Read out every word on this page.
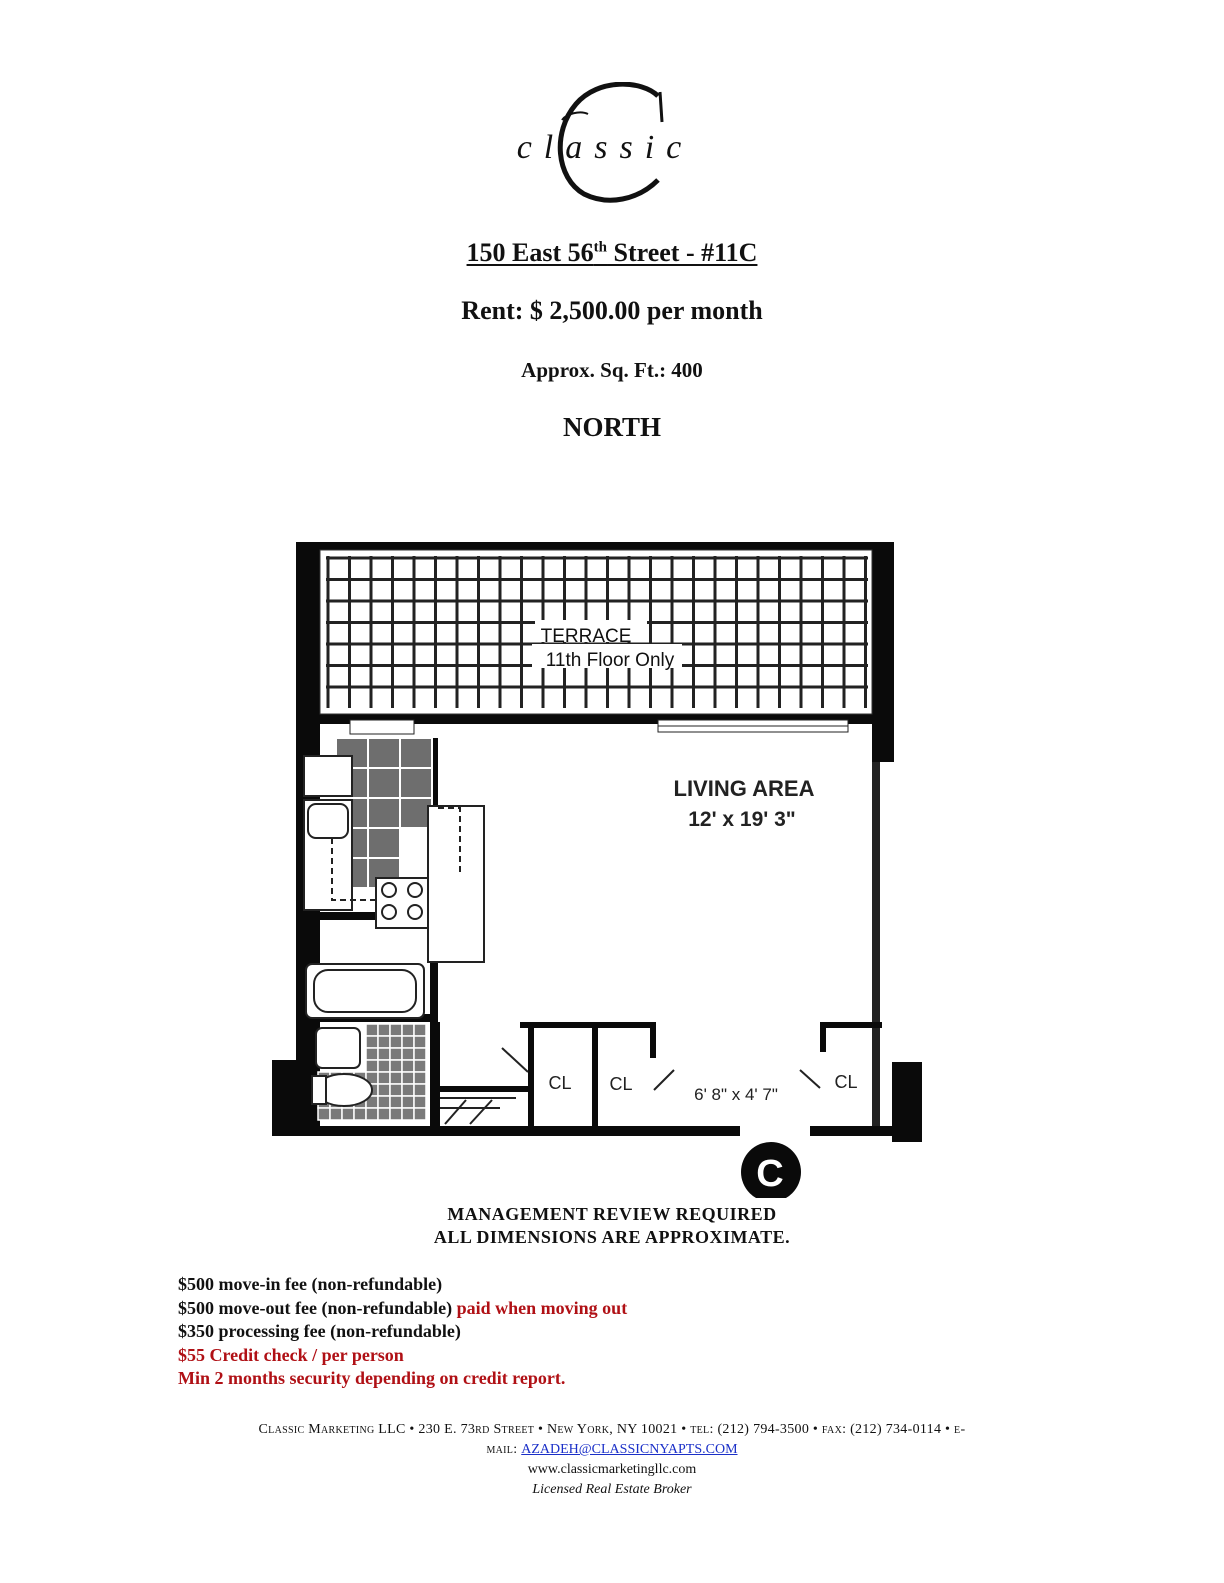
classic
150 East 56th Street - #11C
Rent: $ 2,500.00 per month
Approx. Sq. Ft.: 400
NORTH
TERRACE
11th Floor Only
LIVING AREA
12' x 19' 3"
CL CL	CL
6' 8" x 4' 7"
C
MANAGEMENT REVIEW REQUIRED
ALL DIMENSIONS ARE APPROXIMATE.
$500 move-in fee (non-refundable)
$500 move-out fee (non-refundable) paid when moving out
$350 processing fee (non-refundable)
$55 Credit check / per person
Min 2 months security depending on credit report.
Classic Marketing LLC • 230 E. 73rd Street • New York, NY 10021 • tel: (212) 794-3500 • fax: (212) 734-0114 • e-
mail: AZADEH@CLASSICNYAPTS.COM
www.classicmarketingllc.com
Licensed Real Estate Broker
